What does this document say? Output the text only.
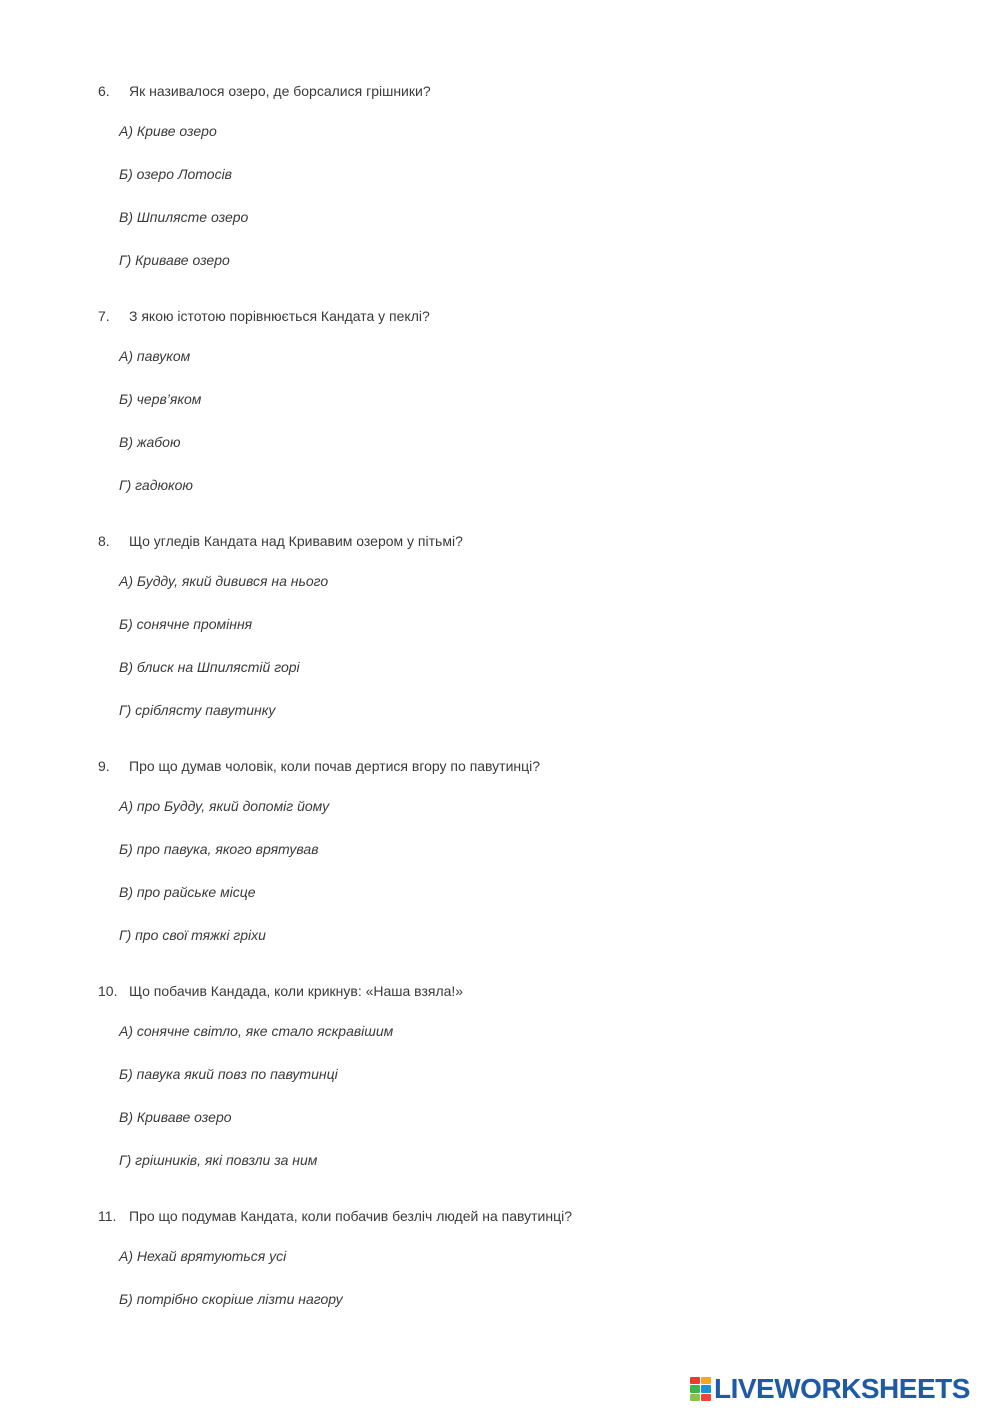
6.	Як називалося озеро, де борсалися грішники?
А) Криве озеро
Б) озеро Лотосів
В) Шпилясте озеро
Г) Криваве озеро
7.	З якою істотою порівнюється Кандата у пеклі?
А) павуком
Б) черв’яком
В) жабою
Г) гадюкою
8.	Що угледів Кандата над Кривавим озером у пітьмі?
А) Будду, який дивився на нього
Б) сонячне проміння
В) блиск на Шпилястій горі
Г) сріблясту павутинку
9.	Про що думав чоловік, коли почав дертися вгору по павутинці?
А) про Будду, який допоміг йому
Б) про павука, якого врятував
В) про райське місце
Г) про свої тяжкі гріхи
10. Що побачив Кандада, коли крикнув: «Наша взяла!»
А) сонячне світло, яке стало яскравішим
Б) павука який повз по павутинці
В) Криваве озеро
Г) грішників, які повзли за ним
11. Про що подумав Кандата, коли побачив безліч людей на павутинці?
А) Нехай врятуються усі
Б) потрібно скоріше лізти нагору
LIVEWORKSHEETS
